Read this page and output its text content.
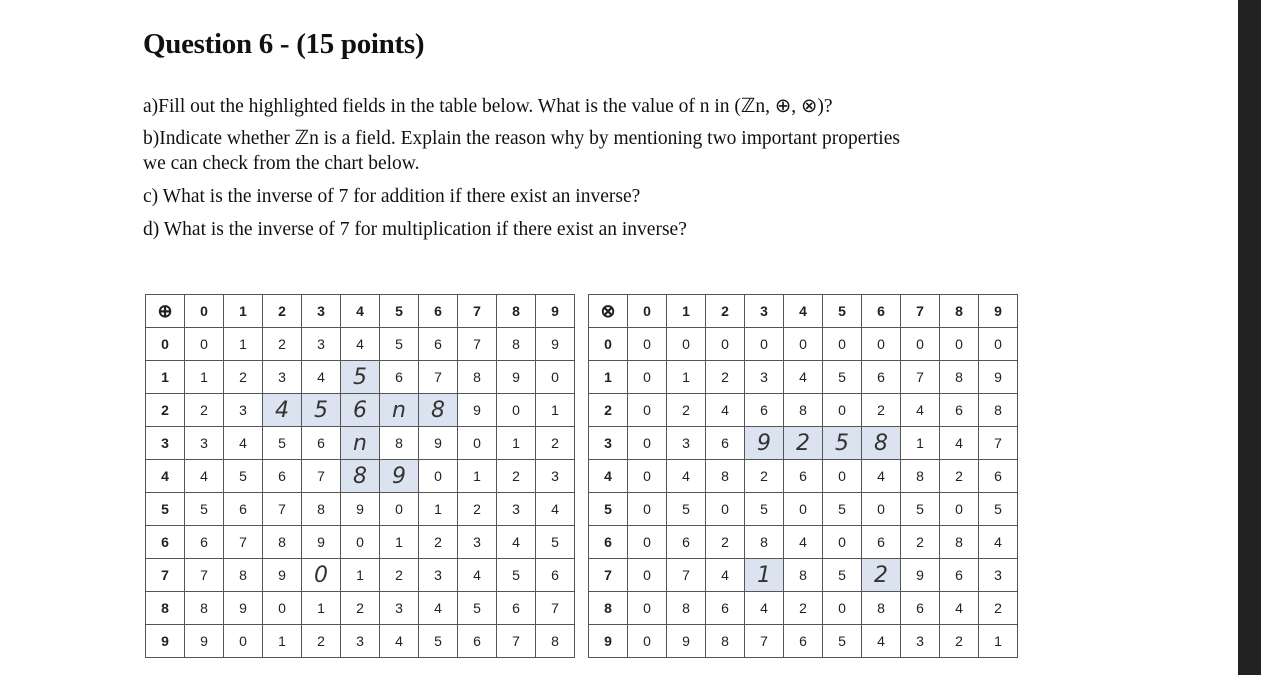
Question 6 - (15 points)
a)Fill out the highlighted fields in the table below. What is the value of n in (ℤn, ⊕, ⊗)?
b)Indicate whether ℤn is a field. Explain the reason why by mentioning two important properties
we can check from the chart below.
c) What is the inverse of 7 for addition if there exist an inverse?
d) What is the inverse of 7 for multiplication if there exist an inverse?
⊕	0	1	2	3	4	5	6	7	8	9
0	0	1	2	3	4	5	6	7	8	9
1	1	2	3	4	5	6	7	8	9	0
2	2	3	4	5	6	n	8	9	0	1
3	3	4	5	6	n	8	9	0	1	2
4	4	5	6	7	8	9	0	1	2	3
5	5	6	7	8	9	0	1	2	3	4
6	6	7	8	9	0	1	2	3	4	5
7	7	8	9	0	1	2	3	4	5	6
8	8	9	0	1	2	3	4	5	6	7
9	9	0	1	2	3	4	5	6	7	8
⊗	0	1	2	3	4	5	6	7	8	9
0	0	0	0	0	0	0	0	0	0	0
1	0	1	2	3	4	5	6	7	8	9
2	0	2	4	6	8	0	2	4	6	8
3	0	3	6	9	2	5	8	1	4	7
4	0	4	8	2	6	0	4	8	2	6
5	0	5	0	5	0	5	0	5	0	5
6	0	6	2	8	4	0	6	2	8	4
7	0	7	4	1	8	5	2	9	6	3
8	0	8	6	4	2	0	8	6	4	2
9	0	9	8	7	6	5	4	3	2	1
